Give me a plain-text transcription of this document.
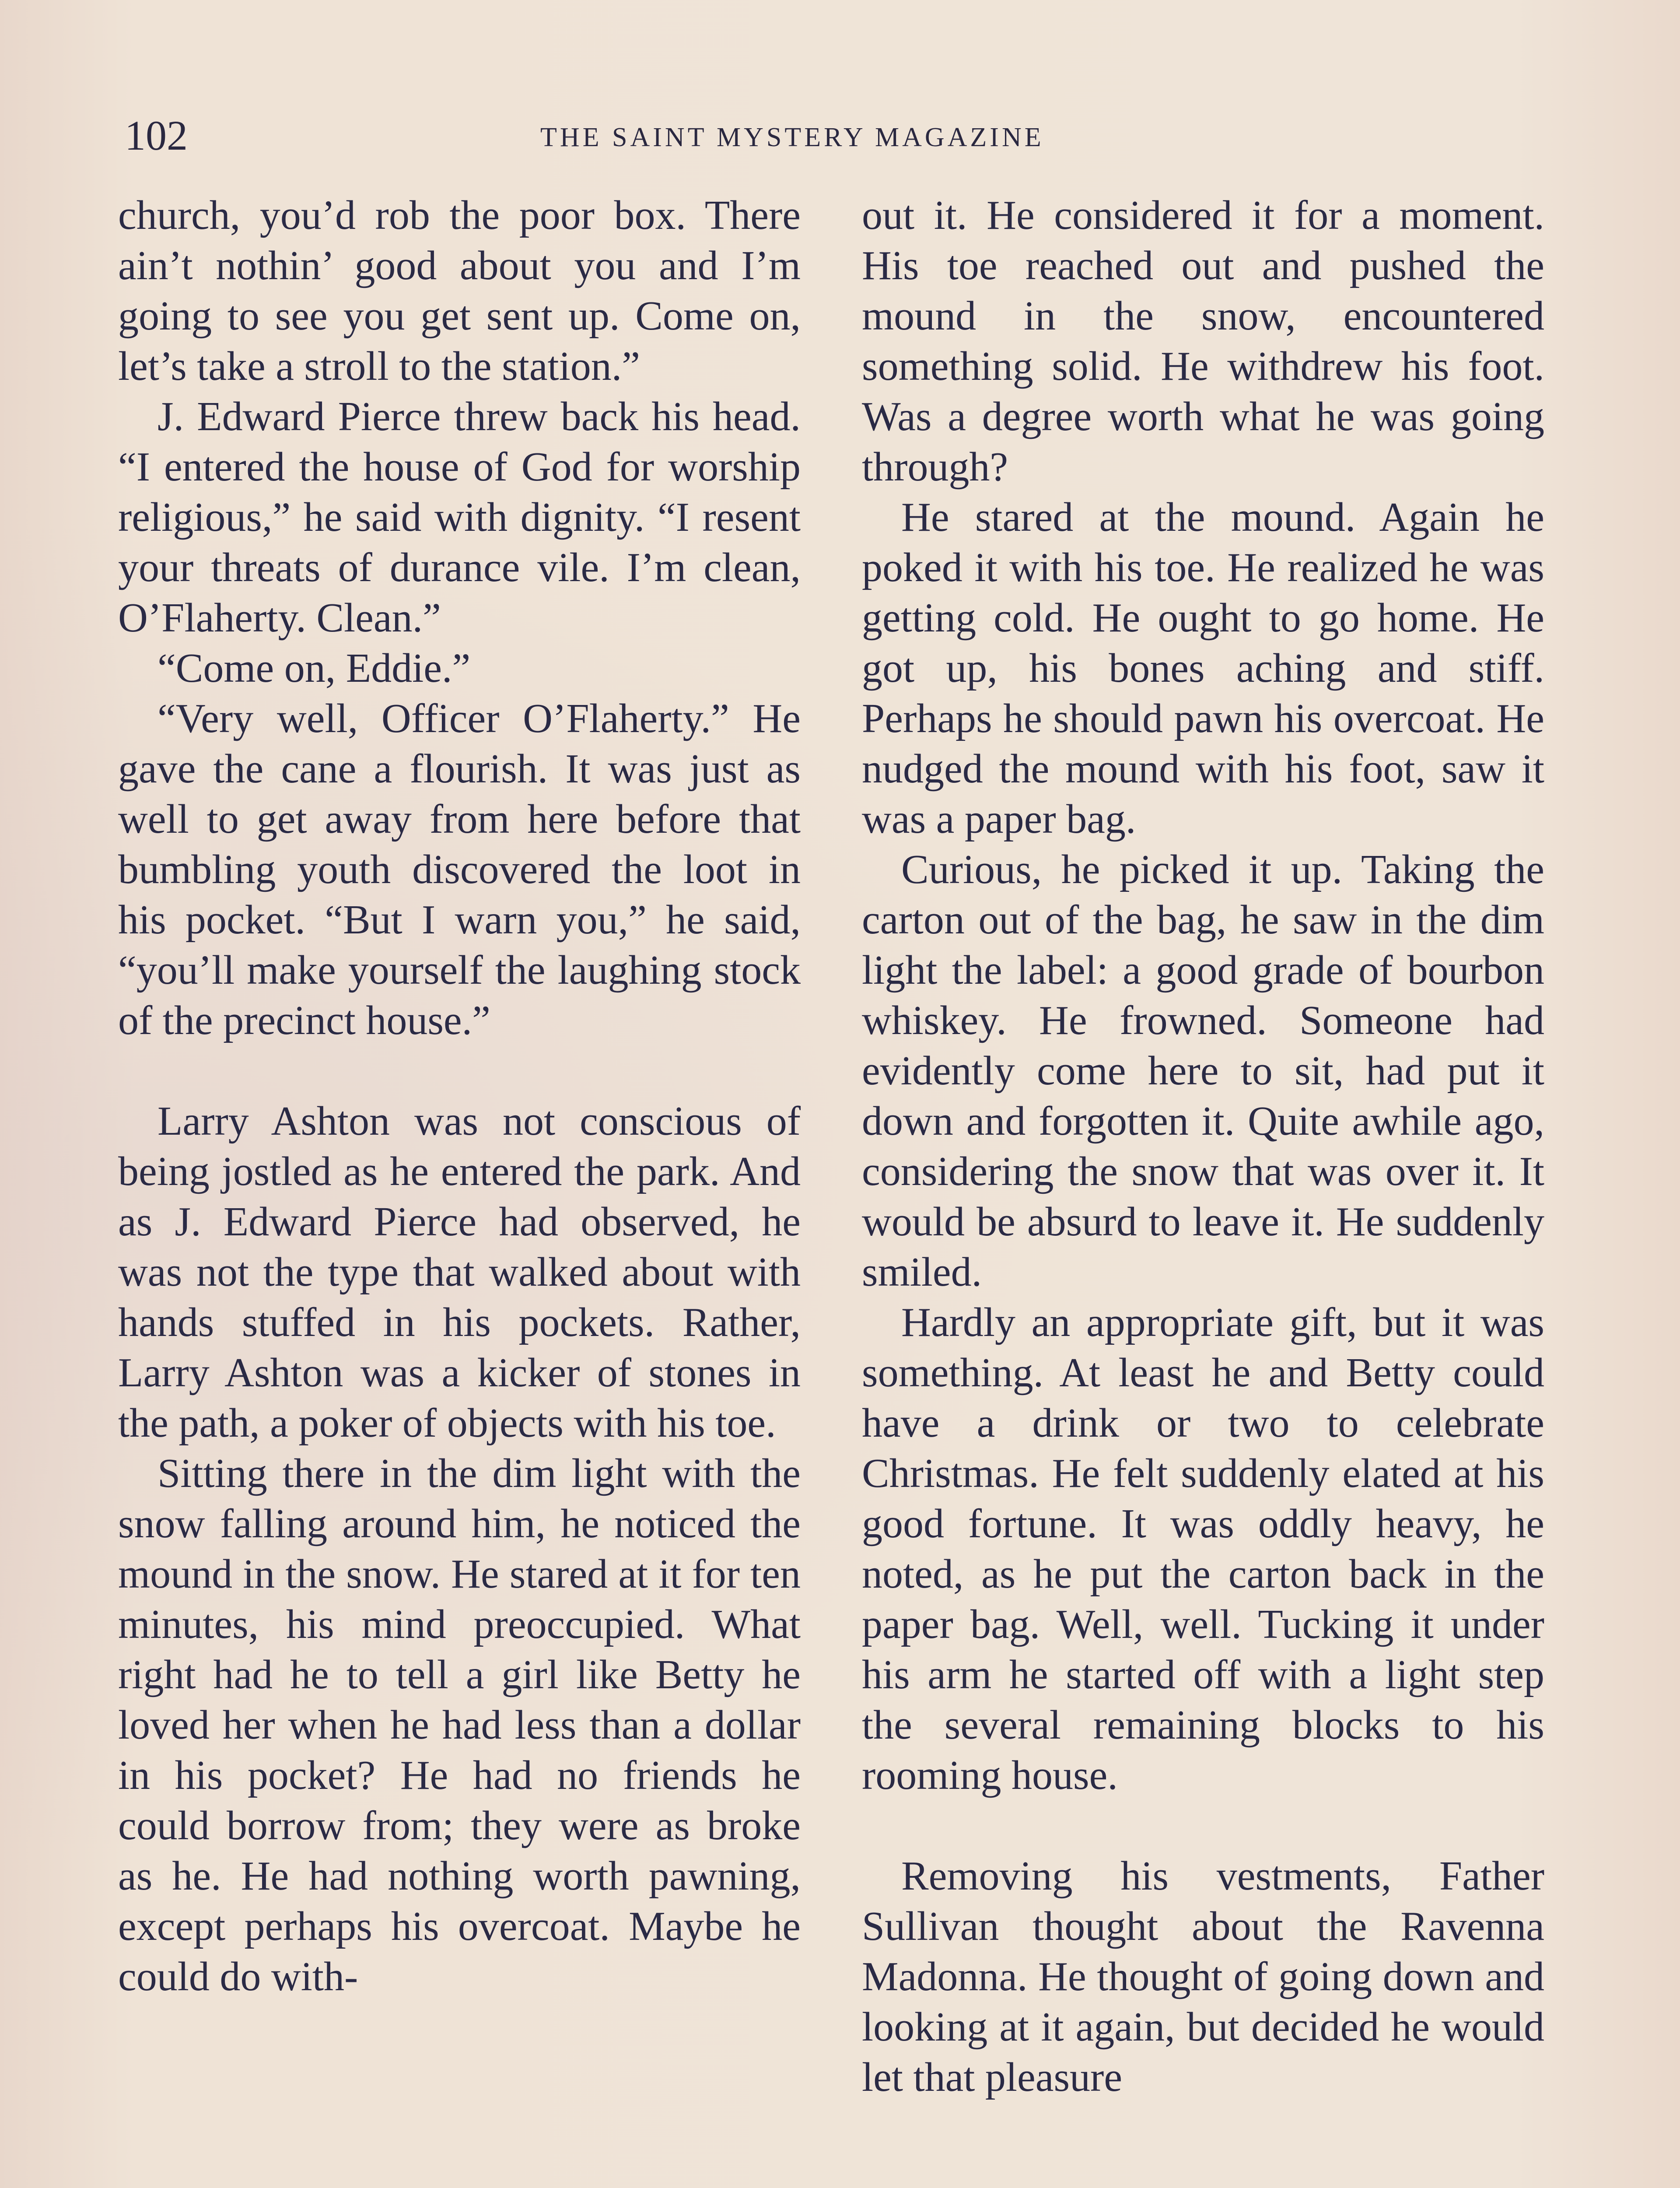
102	THE SAINT MYSTERY MAGAZINE

church, you’d rob the poor box. There ain’t nothin’ good about you and I’m going to see you get sent up. Come on, let’s take a stroll to the station.”

J. Edward Pierce threw back his head. “I entered the house of God for worship religious,” he said with dignity. “I resent your threats of durance vile. I’m clean, O’Flaherty. Clean.”

“Come on, Eddie.”

“Very well, Officer O’Flaherty.” He gave the cane a flourish. It was just as well to get away from here before that bumbling youth discovered the loot in his pocket. “But I warn you,” he said, “you’ll make yourself the laughing stock of the precinct house.”

Larry Ashton was not conscious of being jostled as he entered the park. And as J. Edward Pierce had observed, he was not the type that walked about with hands stuffed in his pockets. Rather, Larry Ashton was a kicker of stones in the path, a poker of objects with his toe.

Sitting there in the dim light with the snow falling around him, he noticed the mound in the snow. He stared at it for ten minutes, his mind preoccupied. What right had he to tell a girl like Betty he loved her when he had less than a dollar in his pocket? He had no friends he could borrow from; they were as broke as he. He had nothing worth pawning, except perhaps his overcoat. Maybe he could do with-

out it. He considered it for a moment. His toe reached out and pushed the mound in the snow, encountered something solid. He withdrew his foot. Was a degree worth what he was going through?

He stared at the mound. Again he poked it with his toe. He realized he was getting cold. He ought to go home. He got up, his bones aching and stiff. Perhaps he should pawn his overcoat. He nudged the mound with his foot, saw it was a paper bag.

Curious, he picked it up. Taking the carton out of the bag, he saw in the dim light the label: a good grade of bourbon whiskey. He frowned. Someone had evidently come here to sit, had put it down and forgotten it. Quite awhile ago, considering the snow that was over it. It would be absurd to leave it. He suddenly smiled.

Hardly an appropriate gift, but it was something. At least he and Betty could have a drink or two to celebrate Christmas. He felt suddenly elated at his good fortune. It was oddly heavy, he noted, as he put the carton back in the paper bag. Well, well. Tucking it under his arm he started off with a light step the several remaining blocks to his rooming house.

Removing his vestments, Father Sullivan thought about the Ravenna Madonna. He thought of going down and looking at it again, but decided he would let that pleasure
